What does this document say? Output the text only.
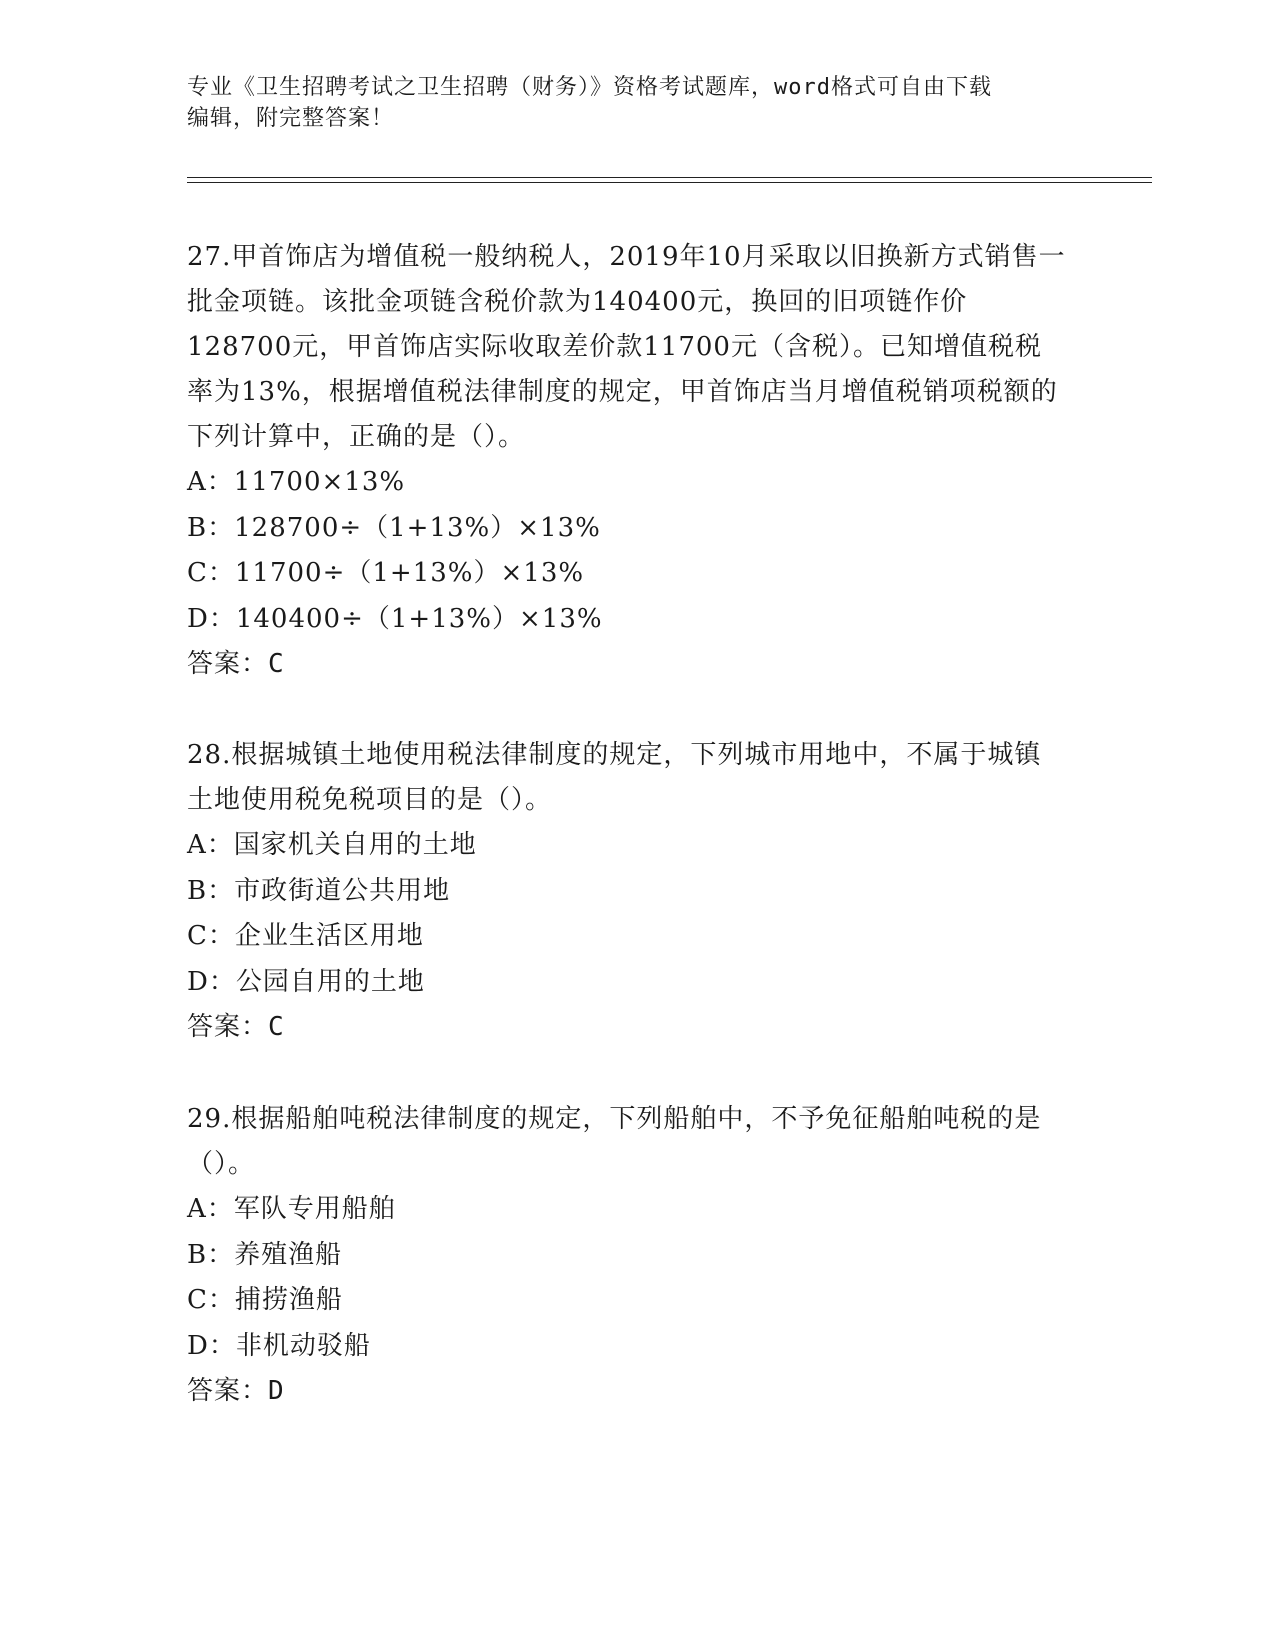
专业《卫生招聘考试之卫生招聘（财务）》资格考试题库，word格式可自由下载
编辑，附完整答案！
27.甲首饰店为增值税一般纳税人，2019年10月采取以旧换新方式销售一批金项链。该批金项链含税价款为140400元，换回的旧项链作价128700元，甲首饰店实际收取差价款11700元（含税）。已知增值税税率为13%，根据增值税法律制度的规定，甲首饰店当月增值税销项税额的下列计算中，正确的是（）。
A：11700×13%
B：128700÷（1+13%）×13%
C：11700÷（1+13%）×13%
D：140400÷（1+13%）×13%
答案：C
28.根据城镇土地使用税法律制度的规定，下列城市用地中，不属于城镇土地使用税免税项目的是（）。
A：国家机关自用的土地
B：市政街道公共用地
C：企业生活区用地
D：公园自用的土地
答案：C
29.根据船舶吨税法律制度的规定，下列船舶中，不予免征船舶吨税的是（）。
A：军队专用船舶
B：养殖渔船
C：捕捞渔船
D：非机动驳船
答案：D
